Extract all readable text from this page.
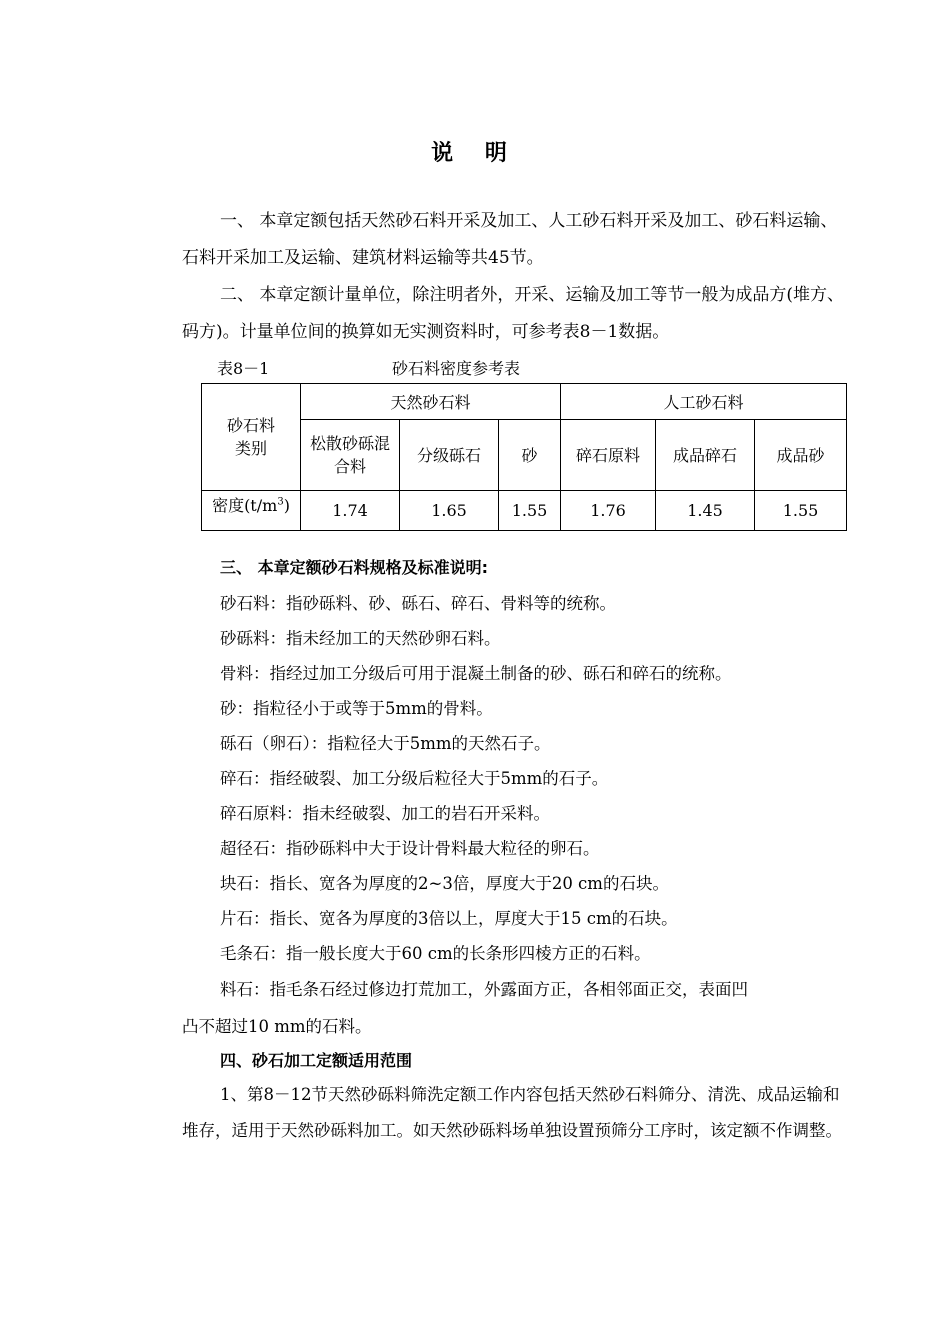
说 明
一、 本章定额包括天然砂石料开采及加工、人工砂石料开采及加工、砂石料运输、石料开采加工及运输、建筑材料运输等共45节。
二、 本章定额计量单位，除注明者外，开采、运输及加工等节一般为成品方(堆方、码方)。计量单位间的换算如无实测资料时，可参考表8－1数据。
表8－1	砂石料密度参考表
砂石料类别	天然砂石料			人工砂石料		
	松散砂砾混合料	分级砾石	砂	碎石原料	成品碎石	成品砂
密度$(t/m^3)$	1.74	1.65	1.55	1.76	1.45	1.55
三、 本章定额砂石料规格及标准说明:
砂石料：指砂砾料、砂、砾石、碎石、骨料等的统称。
砂砾料：指未经加工的天然砂卵石料。
骨料：指经过加工分级后可用于混凝土制备的砂、砾石和碎石的统称。
砂：指粒径小于或等于5mm的骨料。
砾石（卵石）：指粒径大于5mm的天然石子。
碎石：指经破裂、加工分级后粒径大于5mm的石子。
碎石原料：指未经破裂、加工的岩石开采料。
超径石：指砂砾料中大于设计骨料最大粒径的卵石。
块石：指长、宽各为厚度的2~3倍，厚度大于20 cm的石块。
片石：指长、宽各为厚度的3倍以上，厚度大于15 cm的石块。
毛条石：指一般长度大于60 cm的长条形四棱方正的石料。
料石：指毛条石经过修边打荒加工，外露面方正，各相邻面正交，表面凹
凸不超过10 mm的石料。
四、砂石加工定额适用范围
1、第8－12节天然砂砾料筛洗定额工作内容包括天然砂石料筛分、清洗、成品运输和堆存，适用于天然砂砾料加工。如天然砂砾料场单独设置预筛分工序时，该定额不作调整。
